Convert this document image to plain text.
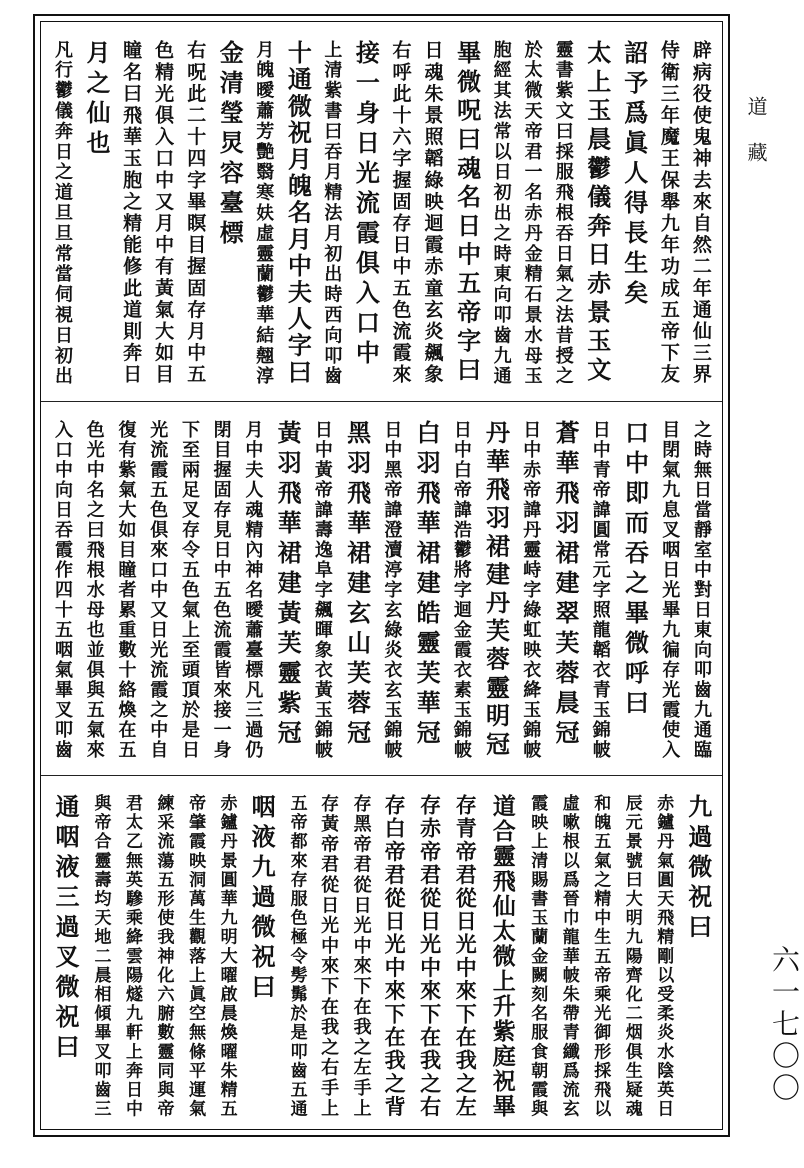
辟病役使鬼神去來自然二年通仙三界
侍衛三年魔王保舉九年功成五帝下友
詔予爲眞人得長生矣
太上玉晨鬱儀奔日赤景玉文
靈書紫文曰採服飛根吞日氣之法昔授之
於太微天帝君一名赤丹金精石景水母玉
胞經其法常以日初出之時東向叩齒九通
畢微呪曰魂名日中五帝字曰
日魂朱景照韜綠映迴霞赤童玄炎飆象
右呼此十六字握固存日中五色流霞來
接一身日光流霞俱入口中
上清紫書曰吞月精法月初出時西向叩齒
十通微祝月魄名月中夫人字曰
月魄曖蕭芳艷翳寒妋虛靈蘭鬱華結翹淳
金清瑩炅容臺標
右呪此二十四字畢瞑目握固存月中五
色精光俱入口中又月中有黃氣大如目
瞳名曰飛華玉胞之精能修此道則奔日
月之仙也
凡行鬱儀奔日之道旦旦常當伺視日初出
之時無日當靜室中對日東向叩齒九通臨
目閉氣九息叉咽日光畢九徧存光霞使入
口中即而吞之畢微呼曰
日中青帝諱圓常元字照龍韜衣青玉錦帔
蒼華飛羽裙建翠芙蓉晨冠
日中赤帝諱丹靈峙字綠虹映衣絳玉錦帔
丹華飛羽裙建丹芙蓉靈明冠
日中白帝諱浩鬱將字迴金霞衣素玉錦帔
白羽飛華裙建皓靈芙華冠
日中黑帝諱澄瀆渟字玄綠炎衣玄玉錦帔
黑羽飛華裙建玄山芙蓉冠
日中黃帝諱壽逸阜字飆暉象衣黃玉錦帔
黃羽飛華裙建黃芙靈紫冠
月中夫人魂精內神名曖蕭臺標凡三過仍
閉目握固存見日中五色流霞皆來接一身
下至兩足叉存令五色氣上至頭頂於是日
光流霞五色俱來口中又日光流霞之中自
復有紫氣大如目瞳者累重數十絡煥在五
色光中名之曰飛根水母也並俱與五氣來
入口中向日吞霞作四十五咽氣畢叉叩齒
九過微祝曰
赤鑪丹氣圓天飛精剛以受柔炎水陰英日
辰元景號曰大明九陽齊化二烟俱生疑魂
和魄五氣之精中生五帝乘光御形採飛以
虛嗽根以爲晉巾龍華帔朱帶青纖爲流玄
霞映上清賜書玉蘭金闕刻名服食朝霞與
道合靈飛仙太微上升紫庭祝畢
存青帝君從日光中來下在我之左
存赤帝君從日光中來下在我之右
存白帝君從日光中來下在我之背
存黑帝君從日光中來下在我之左手上
存黃帝君從日光中來下在我之右手上
五帝都來存服色極令髣髴於是叩齒五通
咽液九過微祝曰
赤鑪丹景圓華九明大曜啟晨煥曜朱精五
帝肇霞映洞萬生觀落上眞空無條平運氣
練采流蕩五形使我神化六腑數靈同與帝
君太乙無英驂乘絳雲陽燧九軒上奔日中
與帝合靈壽均天地二晨相傾畢叉叩齒三
通咽液三過叉微祝曰
道藏
六一七〇〇
